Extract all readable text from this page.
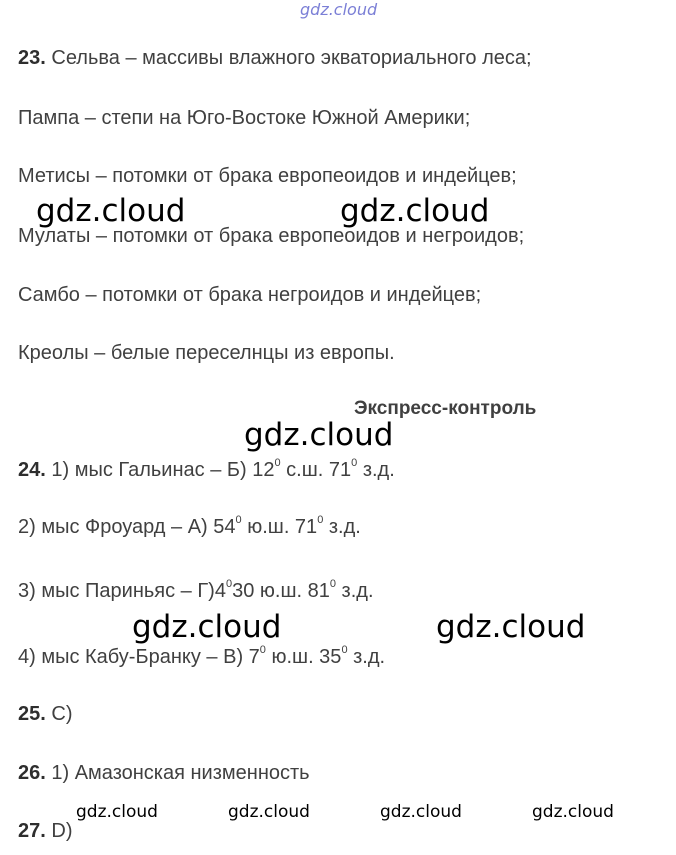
gdz.cloud
23. Сельва – массивы влажного экваториального леса;
Пампа – степи на Юго-Востоке Южной Америки;
Метисы – потомки от брака европеоидов и индейцев;
Мулаты – потомки от брака европеоидов и негроидов;
Самбо – потомки от брака негроидов и индейцев;
Креолы – белые переселнцы из европы.
Экспресс-контроль
24. 1) мыс Гальинас – Б) $12^0$ с.ш. $71^0$ з.д.
2) мыс Фроуард – А) $54^0$ ю.ш. $71^0$ з.д.
3) мыс Париньяс – $Г)4^030$ ю.ш. $81^0$ з.д.
4) мыс Кабу-Бранку – В) $7^0$ ю.ш. $35^0$ з.д.
25. С)
26. 1) Амазонская низменность
27. D)
gdz.cloud	gdz.cloud
gdz.cloud
gdz.cloud	gdz.cloud
gdz.cloud	gdz.cloud	gdz.cloud	gdz.cloud
